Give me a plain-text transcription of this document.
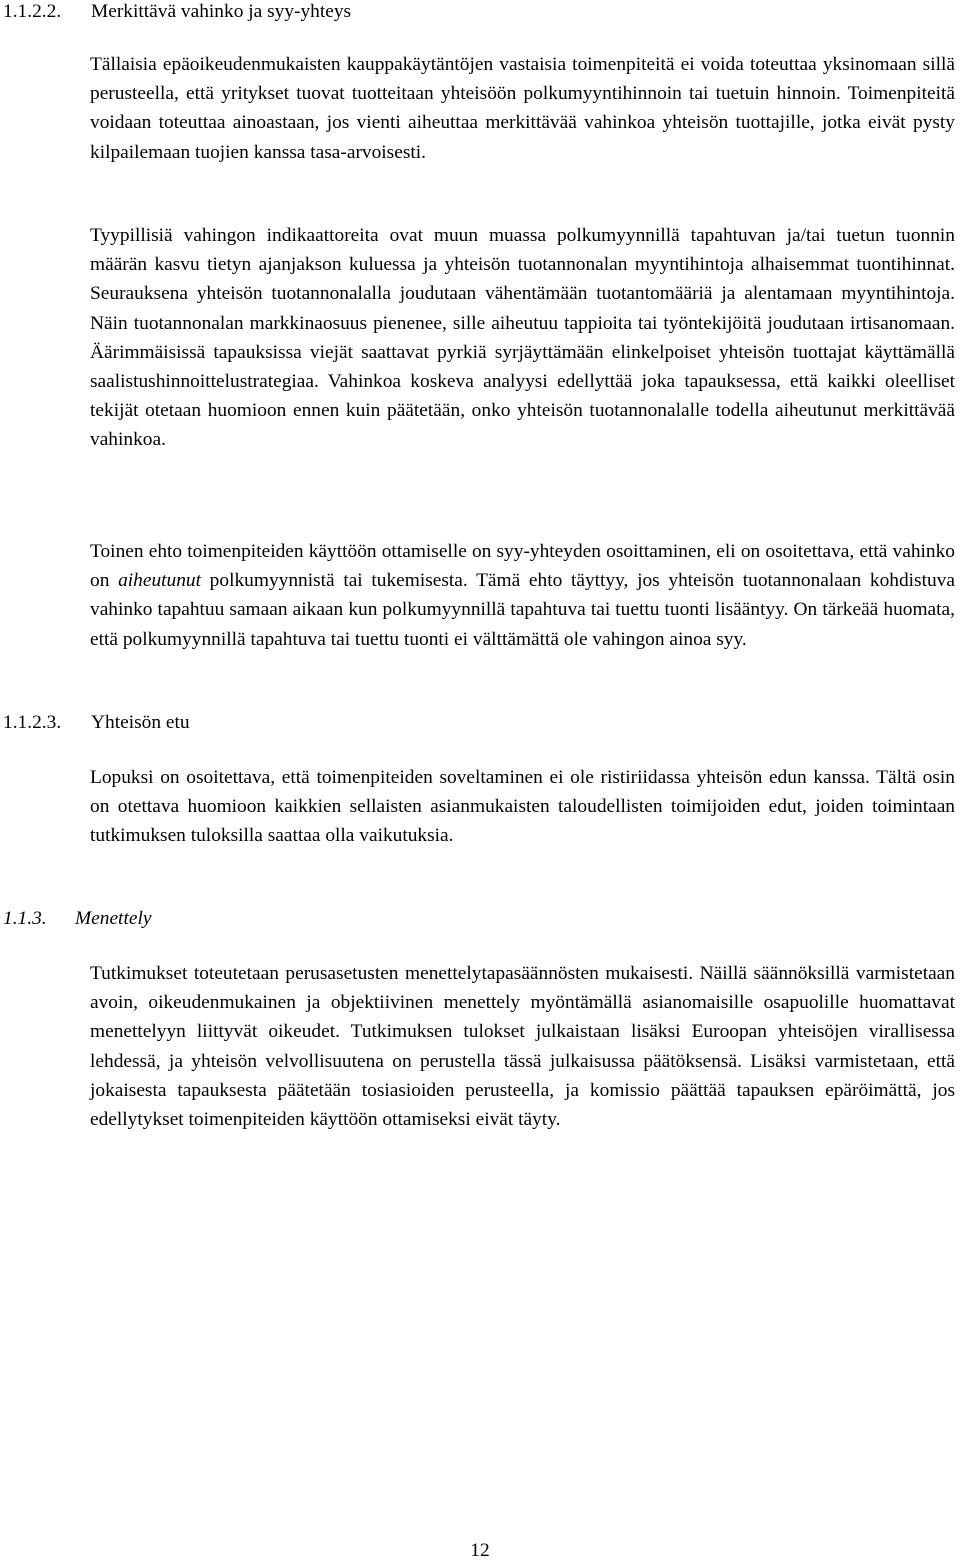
1.1.2.2. Merkittävä vahinko ja syy-yhteys

Tällaisia epäoikeudenmukaisten kauppakäytäntöjen vastaisia toimenpiteitä ei voida toteuttaa yksinomaan sillä perusteella, että yritykset tuovat tuotteitaan yhteisöön polkumyyntihinnoin tai tuetuin hinnoin. Toimenpiteitä voidaan toteuttaa ainoastaan, jos vienti aiheuttaa merkittävää vahinkoa yhteisön tuottajille, jotka eivät pysty kilpailemaan tuojien kanssa tasa-arvoisesti.

Tyypillisiä vahingon indikaattoreita ovat muun muassa polkumyynnillä tapahtuvan ja/tai tuetun tuonnin määrän kasvu tietyn ajanjakson kuluessa ja yhteisön tuotannonalan myyntihintoja alhaisemmat tuontihinnat. Seurauksena yhteisön tuotannonalalla joudutaan vähentämään tuotantomääriä ja alentamaan myyntihintoja. Näin tuotannonalan markkinaosuus pienenee, sille aiheutuu tappioita tai työntekijöitä joudutaan irtisanomaan. Äärimmäisissä tapauksissa viejät saattavat pyrkiä syrjäyttämään elinkelpoiset yhteisön tuottajat käyttämällä saalistushinnoittelustrategiaa. Vahinkoa koskeva analyysi edellyttää joka tapauksessa, että kaikki oleelliset tekijät otetaan huomioon ennen kuin päätetään, onko yhteisön tuotannonalalle todella aiheutunut merkittävää vahinkoa.

Toinen ehto toimenpiteiden käyttöön ottamiselle on syy-yhteyden osoittaminen, eli on osoitettava, että vahinko on aiheutunut polkumyynnistä tai tukemisesta. Tämä ehto täyttyy, jos yhteisön tuotannonalaan kohdistuva vahinko tapahtuu samaan aikaan kun polkumyynnillä tapahtuva tai tuettu tuonti lisääntyy. On tärkeää huomata, että polkumyynnillä tapahtuva tai tuettu tuonti ei välttämättä ole vahingon ainoa syy.

1.1.2.3. Yhteisön etu

Lopuksi on osoitettava, että toimenpiteiden soveltaminen ei ole ristiriidassa yhteisön edun kanssa. Tältä osin on otettava huomioon kaikkien sellaisten asianmukaisten taloudellisten toimijoiden edut, joiden toimintaan tutkimuksen tuloksilla saattaa olla vaikutuksia.

1.1.3. Menettely

Tutkimukset toteutetaan perusasetusten menettelytapasäännösten mukaisesti. Näillä säännöksillä varmistetaan avoin, oikeudenmukainen ja objektiivinen menettely myöntämällä asianomaisille osapuolille huomattavat menettelyyn liittyvät oikeudet. Tutkimuksen tulokset julkaistaan lisäksi Euroopan yhteisöjen virallisessa lehdessä, ja yhteisön velvollisuutena on perustella tässä julkaisussa päätöksensä. Lisäksi varmistetaan, että jokaisesta tapauksesta päätetään tosiasioiden perusteella, ja komissio päättää tapauksen epäröimättä, jos edellytykset toimenpiteiden käyttöön ottamiseksi eivät täyty.

12
